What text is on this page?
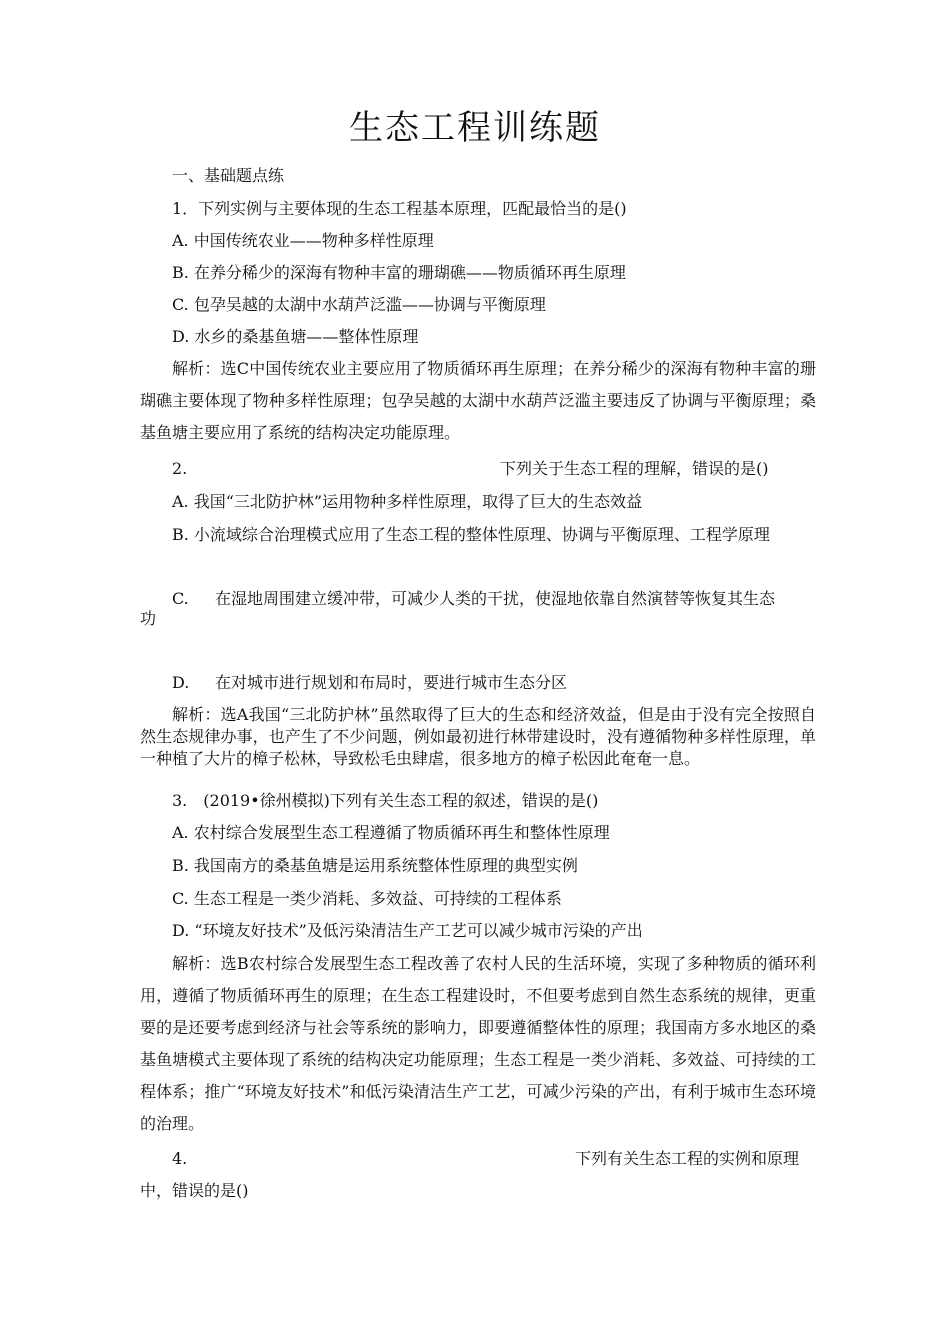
生态工程训练题
一、基础题点练
1．下列实例与主要体现的生态工程基本原理，匹配最恰当的是()
A. 中国传统农业——物种多样性原理
B. 在养分稀少的深海有物种丰富的珊瑚礁——物质循环再生原理
C. 包孕吴越的太湖中水葫芦泛滥——协调与平衡原理
D. 水乡的桑基鱼塘——整体性原理
解析：选C中国传统农业主要应用了物质循环再生原理；在养分稀少的深海有物种丰富的珊瑚礁主要体现了物种多样性原理；包孕吴越的太湖中水葫芦泛滥主要违反了协调与平衡原理；桑基鱼塘主要应用了系统的结构决定功能原理。
2.	下列关于生态工程的理解，错误的是()
A. 我国“三北防护林”运用物种多样性原理，取得了巨大的生态效益
B. 小流域综合治理模式应用了生态工程的整体性原理、协调与平衡原理、工程学原理
C. 在湿地周围建立缓冲带，可减少人类的干扰，使湿地依靠自然演替等恢复其生态
功
D. 在对城市进行规划和布局时，要进行城市生态分区
解析：选A我国“三北防护林”虽然取得了巨大的生态和经济效益，但是由于没有完全按照自然生态规律办事，也产生了不少问题，例如最初进行林带建设时，没有遵循物种多样性原理，单一种植了大片的樟子松林，导致松毛虫肆虐，很多地方的樟子松因此奄奄一息。
3.　(2019•徐州模拟)下列有关生态工程的叙述，错误的是()
A. 农村综合发展型生态工程遵循了物质循环再生和整体性原理
B. 我国南方的桑基鱼塘是运用系统整体性原理的典型实例
C. 生态工程是一类少消耗、多效益、可持续的工程体系
D. “环境友好技术”及低污染清洁生产工艺可以减少城市污染的产出
解析：选B农村综合发展型生态工程改善了农村人民的生活环境，实现了多种物质的循环利用，遵循了物质循环再生的原理；在生态工程建设时，不但要考虑到自然生态系统的规律，更重要的是还要考虑到经济与社会等系统的影响力，即要遵循整体性的原理；我国南方多水地区的桑基鱼塘模式主要体现了系统的结构决定功能原理；生态工程是一类少消耗、多效益、可持续的工程体系；推广“环境友好技术”和低污染清洁生产工艺，可减少污染的产出，有利于城市生态环境的治理。
4.	下列有关生态工程的实例和原理
中，错误的是()
